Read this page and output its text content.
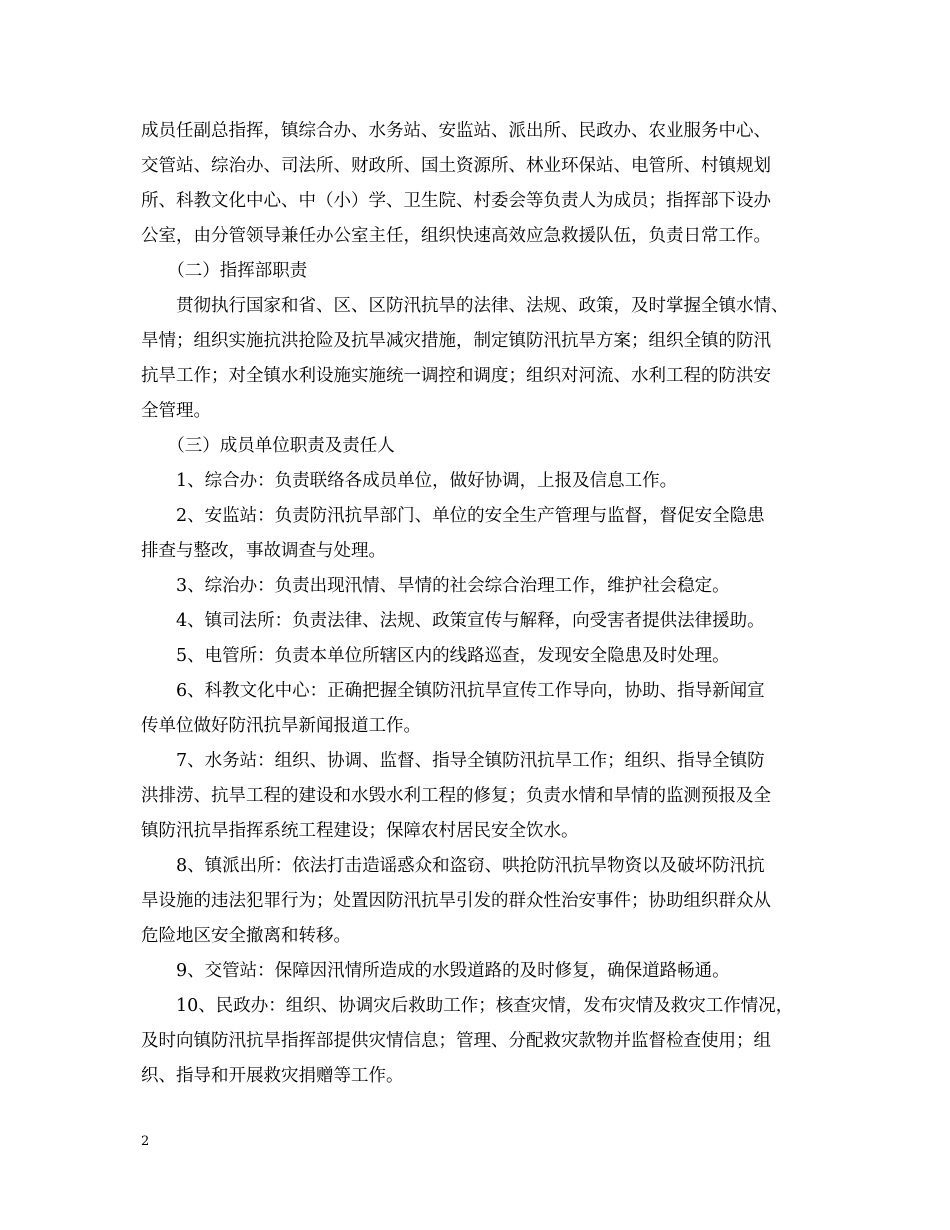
成员任副总指挥，镇综合办、水务站、安监站、派出所、民政办、农业服务中心、
交管站、综治办、司法所、财政所、国土资源所、林业环保站、电管所、村镇规划
所、科教文化中心、中（小）学、卫生院、村委会等负责人为成员；指挥部下设办
公室，由分管领导兼任办公室主任，组织快速高效应急救援队伍，负责日常工作。
　　（二）指挥部职责
　　贯彻执行国家和省、区、区防汛抗旱的法律、法规、政策，及时掌握全镇水情、
旱情；组织实施抗洪抢险及抗旱减灾措施，制定镇防汛抗旱方案；组织全镇的防汛
抗旱工作；对全镇水利设施实施统一调控和调度；组织对河流、水利工程的防洪安
全管理。
　　（三）成员单位职责及责任人
　　1、综合办：负责联络各成员单位，做好协调，上报及信息工作。
　　2、安监站：负责防汛抗旱部门、单位的安全生产管理与监督，督促安全隐患
排查与整改，事故调查与处理。
　　3、综治办：负责出现汛情、旱情的社会综合治理工作，维护社会稳定。
　　4、镇司法所：负责法律、法规、政策宣传与解释，向受害者提供法律援助。
　　5、电管所：负责本单位所辖区内的线路巡查，发现安全隐患及时处理。
　　6、科教文化中心：正确把握全镇防汛抗旱宣传工作导向，协助、指导新闻宣
传单位做好防汛抗旱新闻报道工作。
　　7、水务站：组织、协调、监督、指导全镇防汛抗旱工作；组织、指导全镇防
洪排涝、抗旱工程的建设和水毁水利工程的修复；负责水情和旱情的监测预报及全
镇防汛抗旱指挥系统工程建设；保障农村居民安全饮水。
　　8、镇派出所：依法打击造谣惑众和盗窃、哄抢防汛抗旱物资以及破坏防汛抗
旱设施的违法犯罪行为；处置因防汛抗旱引发的群众性治安事件；协助组织群众从
危险地区安全撤离和转移。
　　9、交管站：保障因汛情所造成的水毁道路的及时修复，确保道路畅通。
　　10、民政办：组织、协调灾后救助工作；核查灾情，发布灾情及救灾工作情况，
及时向镇防汛抗旱指挥部提供灾情信息；管理、分配救灾款物并监督检查使用；组
织、指导和开展救灾捐赠等工作。
2
